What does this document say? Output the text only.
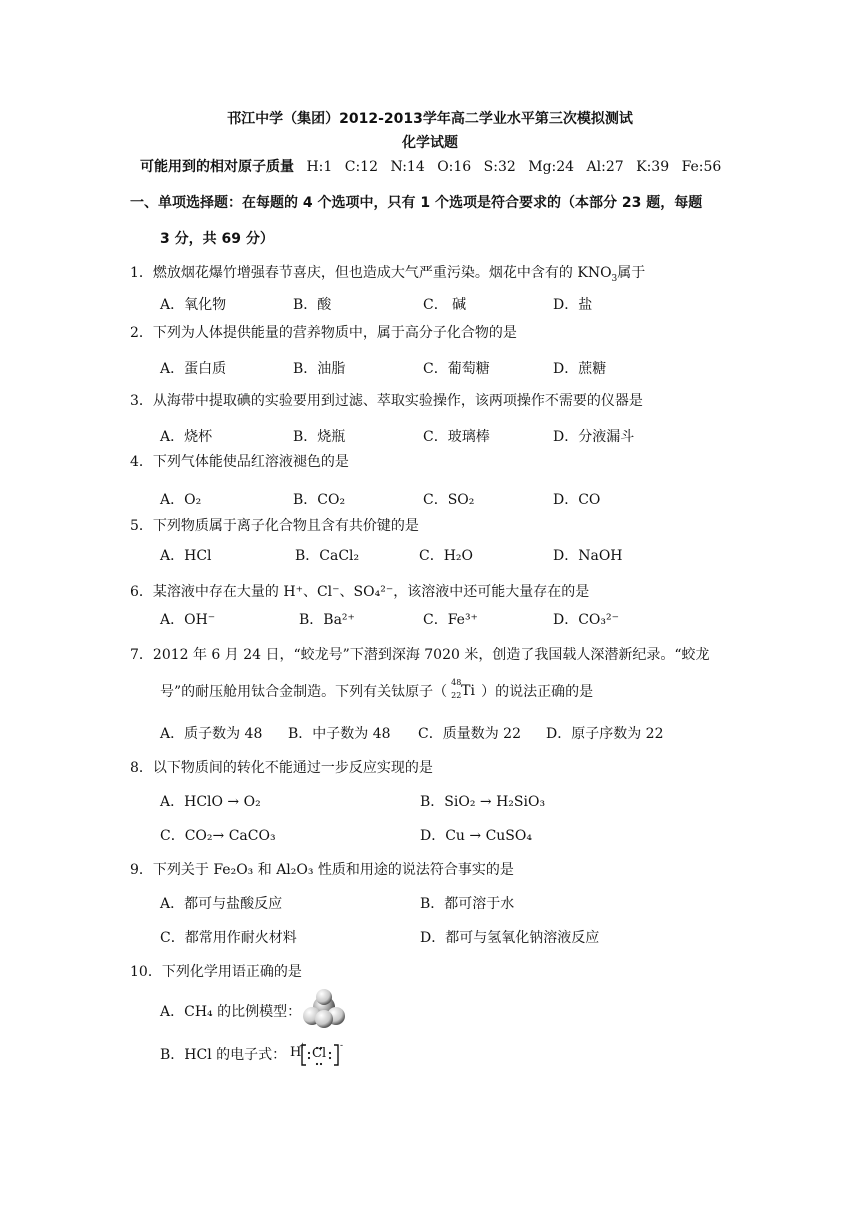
邗江中学（集团）2012-2013学年高二学业水平第三次模拟测试
化学试题
可能用到的相对原子质量 H:1 C:12 N:14 O:16 S:32 Mg:24 Al:27 K:39 Fe:56
一、单项选择题：在每题的 4 个选项中，只有 1 个选项是符合要求的（本部分 23 题，每题
3 分，共 69 分）
1．燃放烟花爆竹增强春节喜庆，但也造成大气严重污染。烟花中含有的 $KNO_3$属于
A．氧化物	B．酸	C． 碱	D．盐
2．下列为人体提供能量的营养物质中，属于高分子化合物的是
A．蛋白质	B．油脂	C．葡萄糖	D．蔗糖
3．从海带中提取碘的实验要用到过滤、萃取实验操作，该两项操作不需要的仪器是
A．烧杯	B．烧瓶	C．玻璃棒	D．分液漏斗
4．下列气体能使品红溶液褪色的是
A．O₂	B．CO₂	C．SO₂	D．CO
5．下列物质属于离子化合物且含有共价键的是
A．HCl	B．CaCl₂	C．H₂O	D．NaOH
6．某溶液中存在大量的 H⁺、Cl⁻、SO₄²⁻，该溶液中还可能大量存在的是
A．OH⁻	B．Ba²⁺	C．Fe³⁺	D．CO₃²⁻
7．2012 年 6 月 24 日，“蛟龙号”下潜到深海 7020 米，创造了我国载人深潜新纪录。“蛟龙
号”的耐压舱用钛合金制造。下列有关钛原子（
48
22 Ti ）的说法正确的是
A．质子数为 48 B．中子数为 48 C．质量数为 22 D．原子序数为 22
8．以下物质间的转化不能通过一步反应实现的是
A．HClO → O₂	B．SiO₂ → H₂SiO₃
C．CO₂→ CaCO₃	D．Cu → CuSO₄
9．下列关于 Fe₂O₃ 和 Al₂O₃ 性质和用途的说法符合事实的是
A．都可与盐酸反应	B．都可溶于水
C．都常用作耐火材料	D．都可与氢氧化钠溶液反应
10．下列化学用语正确的是
A．CH₄ 的比例模型：
B．HCl 的电子式： H
+
Cl -
